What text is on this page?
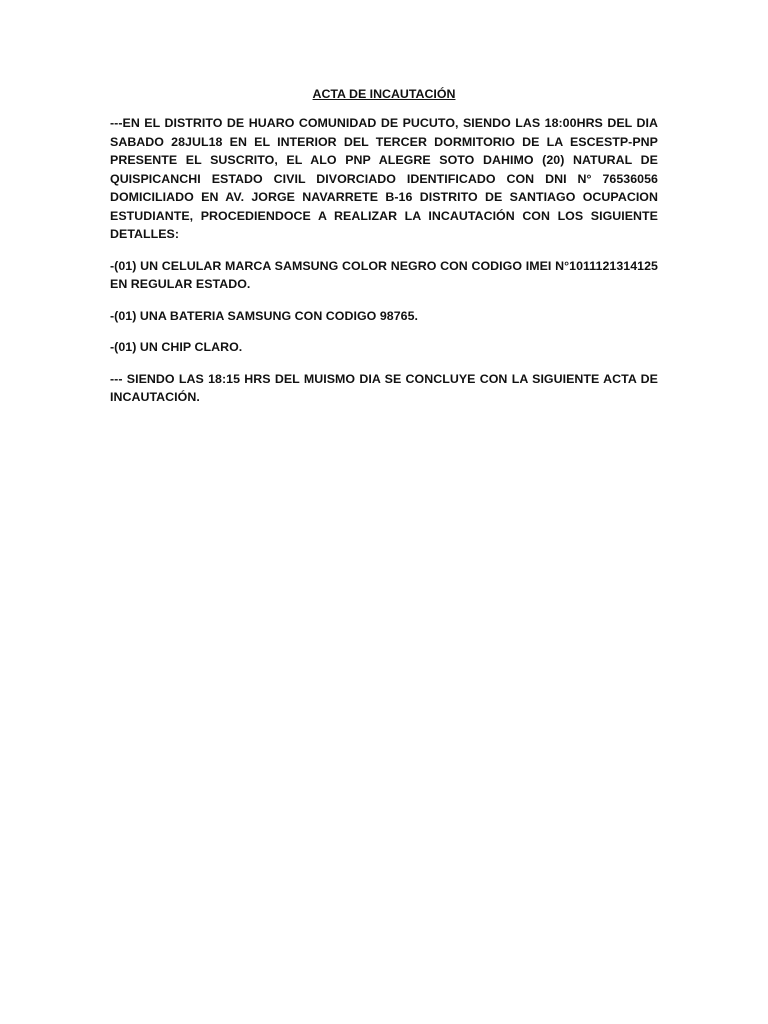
ACTA DE INCAUTACIÓN

---EN EL DISTRITO DE HUARO COMUNIDAD DE PUCUTO, SIENDO LAS 18:00HRS DEL DIA SABADO 28JUL18 EN EL INTERIOR DEL TERCER DORMITORIO DE LA ESCESTP-PNP PRESENTE EL SUSCRITO, EL ALO PNP ALEGRE SOTO DAHIMO (20) NATURAL DE QUISPICANCHI ESTADO CIVIL DIVORCIADO IDENTIFICADO CON DNI N° 76536056 DOMICILIADO EN AV. JORGE NAVARRETE B-16 DISTRITO DE SANTIAGO OCUPACION ESTUDIANTE, PROCEDIENDOCE A REALIZAR LA INCAUTACIÓN CON LOS SIGUIENTE DETALLES:

-(01) UN CELULAR MARCA SAMSUNG COLOR NEGRO CON CODIGO IMEI N°1011121314125 EN REGULAR ESTADO.

-(01) UNA BATERIA SAMSUNG CON CODIGO 98765.

-(01) UN CHIP CLARO.

--- SIENDO LAS 18:15 HRS DEL MUISMO DIA SE CONCLUYE CON LA SIGUIENTE ACTA DE INCAUTACIÓN.
